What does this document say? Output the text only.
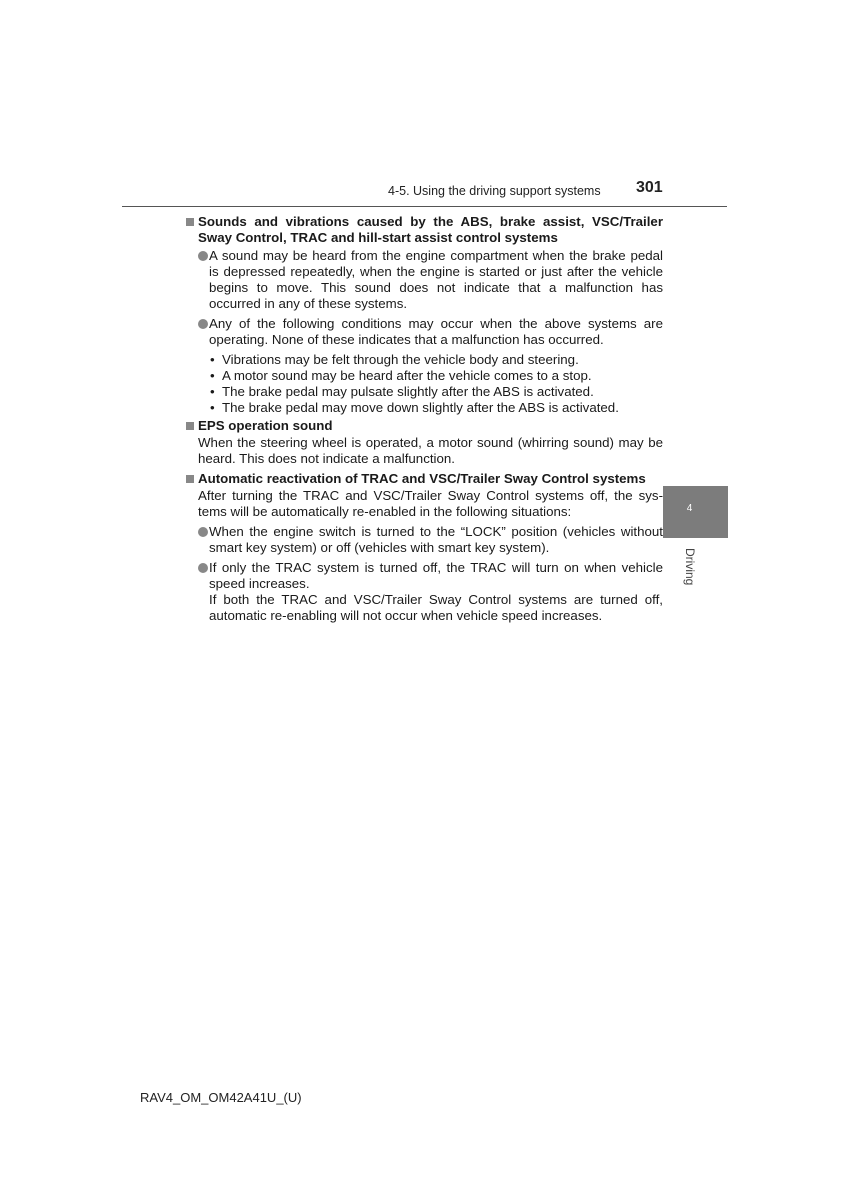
4-5. Using the driving support systems 301
4
Driving
Sounds and vibrations caused by the ABS, brake assist, VSC/Trailer Sway Control, TRAC and hill-start assist control systems

A sound may be heard from the engine compartment when the brake pedal is depressed repeatedly, when the engine is started or just after the vehicle begins to move. This sound does not indicate that a malfunction has occurred in any of these systems.

Any of the following conditions may occur when the above systems are operating. None of these indicates that a malfunction has occurred.

• Vibrations may be felt through the vehicle body and steering.
• A motor sound may be heard after the vehicle comes to a stop.
• The brake pedal may pulsate slightly after the ABS is activated.
• The brake pedal may move down slightly after the ABS is activated.
EPS operation sound
When the steering wheel is operated, a motor sound (whirring sound) may be heard. This does not indicate a malfunction.
Automatic reactivation of TRAC and VSC/Trailer Sway Control systems
After turning the TRAC and VSC/Trailer Sway Control systems off, the sys-tems will be automatically re-enabled in the following situations:

When the engine switch is turned to the “LOCK” position (vehicles without smart key system) or off (vehicles with smart key system).

If only the TRAC system is turned off, the TRAC will turn on when vehicle speed increases.

If both the TRAC and VSC/Trailer Sway Control systems are turned off, automatic re-enabling will not occur when vehicle speed increases.

RAV4_OM_OM42A41U_(U)
